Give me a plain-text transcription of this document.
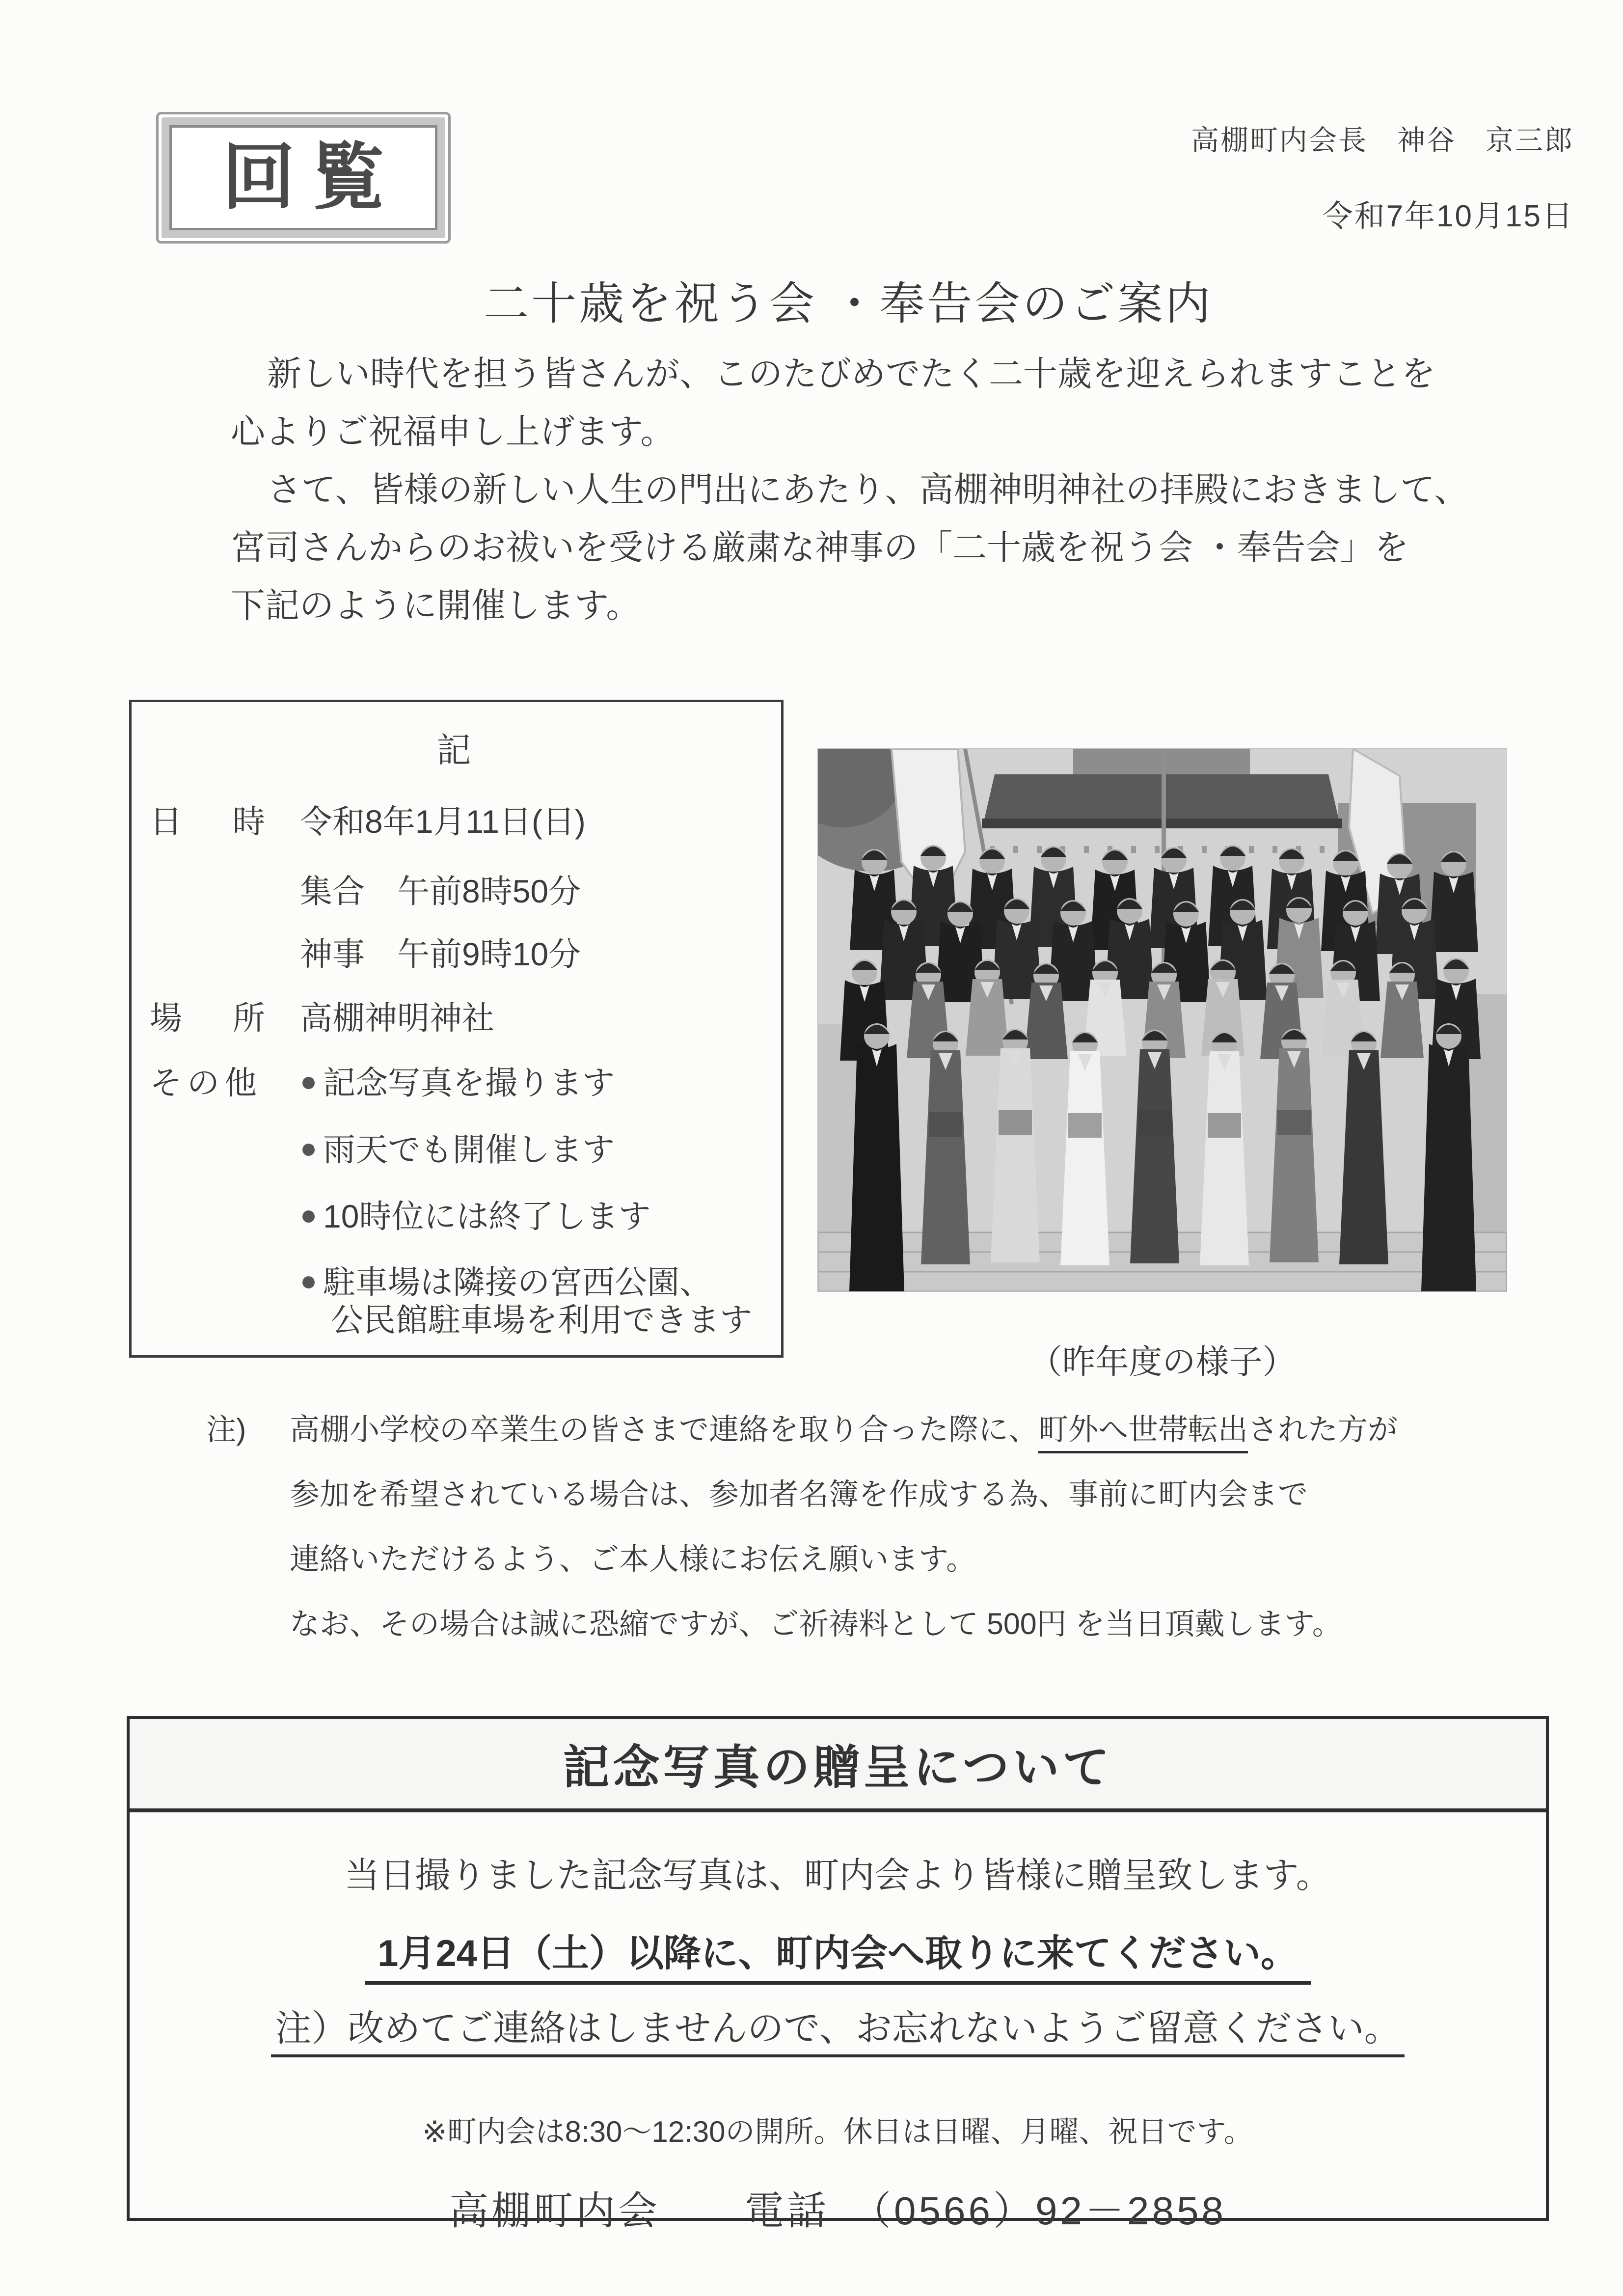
回覧	高棚町内会長　神谷　京三郎
令和7年10月15日
二十歳を祝う会 ・奉告会のご案内
新しい時代を担う皆さんが、このたびめでたく二十歳を迎えられますことを
心よりご祝福申し上げます。
さて、皆様の新しい人生の門出にあたり、高棚神明神社の拝殿におきまして、
宮司さんからのお祓いを受ける厳粛な神事の「二十歳を祝う会 ・奉告会」を
下記のように開催します。
記
日 時 令和8年1月11日(日)
集合　午前8時50分
神事　午前9時10分
場 所 高棚神明神社
その他 ● 記念写真を撮ります
● 雨天でも開催します
● 10時位には終了します
● 駐車場は隣接の宮西公園、
公民館駐車場を利用できます
（昨年度の様子）
注) 高棚小学校の卒業生の皆さまで連絡を取り合った際に、町外へ世帯転出された方が
参加を希望されている場合は、参加者名簿を作成する為、事前に町内会まで
連絡いただけるよう、ご本人様にお伝え願います。
なお、その場合は誠に恐縮ですが、ご祈祷料として 500円 を当日頂戴します。
記念写真の贈呈について
当日撮りました記念写真は、町内会より皆様に贈呈致します。
1月24日（土）以降に、町内会へ取りに来てください。
注）改めてご連絡はしませんので、お忘れないようご留意ください。
※町内会は8:30～12:30の開所。休日は日曜、月曜、祝日です。
高棚町内会　　電話　（0566）92－2858
